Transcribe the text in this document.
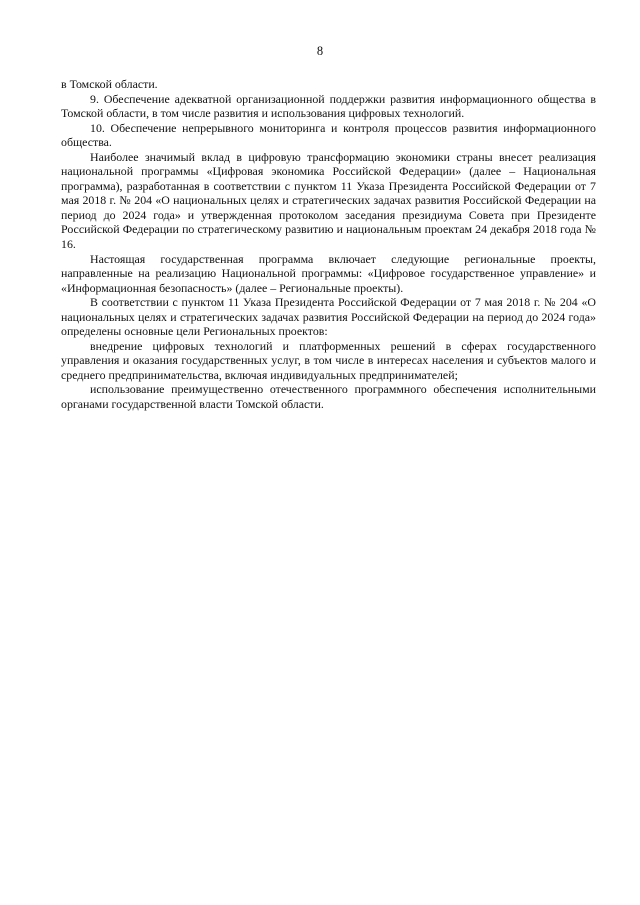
8

в Томской области.

9. Обеспечение адекватной организационной поддержки развития информационного общества в Томской области, в том числе развития и использования цифровых технологий.

10. Обеспечение непрерывного мониторинга и контроля процессов развития информационного общества.

Наиболее значимый вклад в цифровую трансформацию экономики страны внесет реализация национальной программы «Цифровая экономика Российской Федерации» (далее – Национальная программа), разработанная в соответствии с пунктом 11 Указа Президента Российской Федерации от 7 мая 2018 г. № 204 «О национальных целях и стратегических задачах развития Российской Федерации на период до 2024 года» и утвержденная протоколом заседания президиума Совета при Президенте Российской Федерации по стратегическому развитию и национальным проектам 24 декабря 2018 года № 16.

Настоящая государственная программа включает следующие региональные проекты, направленные на реализацию Национальной программы: «Цифровое государственное управление» и «Информационная безопасность» (далее – Региональные проекты).

В соответствии с пунктом 11 Указа Президента Российской Федерации от 7 мая 2018 г. № 204 «О национальных целях и стратегических задачах развития Российской Федерации на период до 2024 года» определены основные цели Региональных проектов:

внедрение цифровых технологий и платформенных решений в сферах государственного управления и оказания государственных услуг, в том числе в интересах населения и субъектов малого и среднего предпринимательства, включая индивидуальных предпринимателей;

использование преимущественно отечественного программного обеспечения исполнительными органами государственной власти Томской области.
